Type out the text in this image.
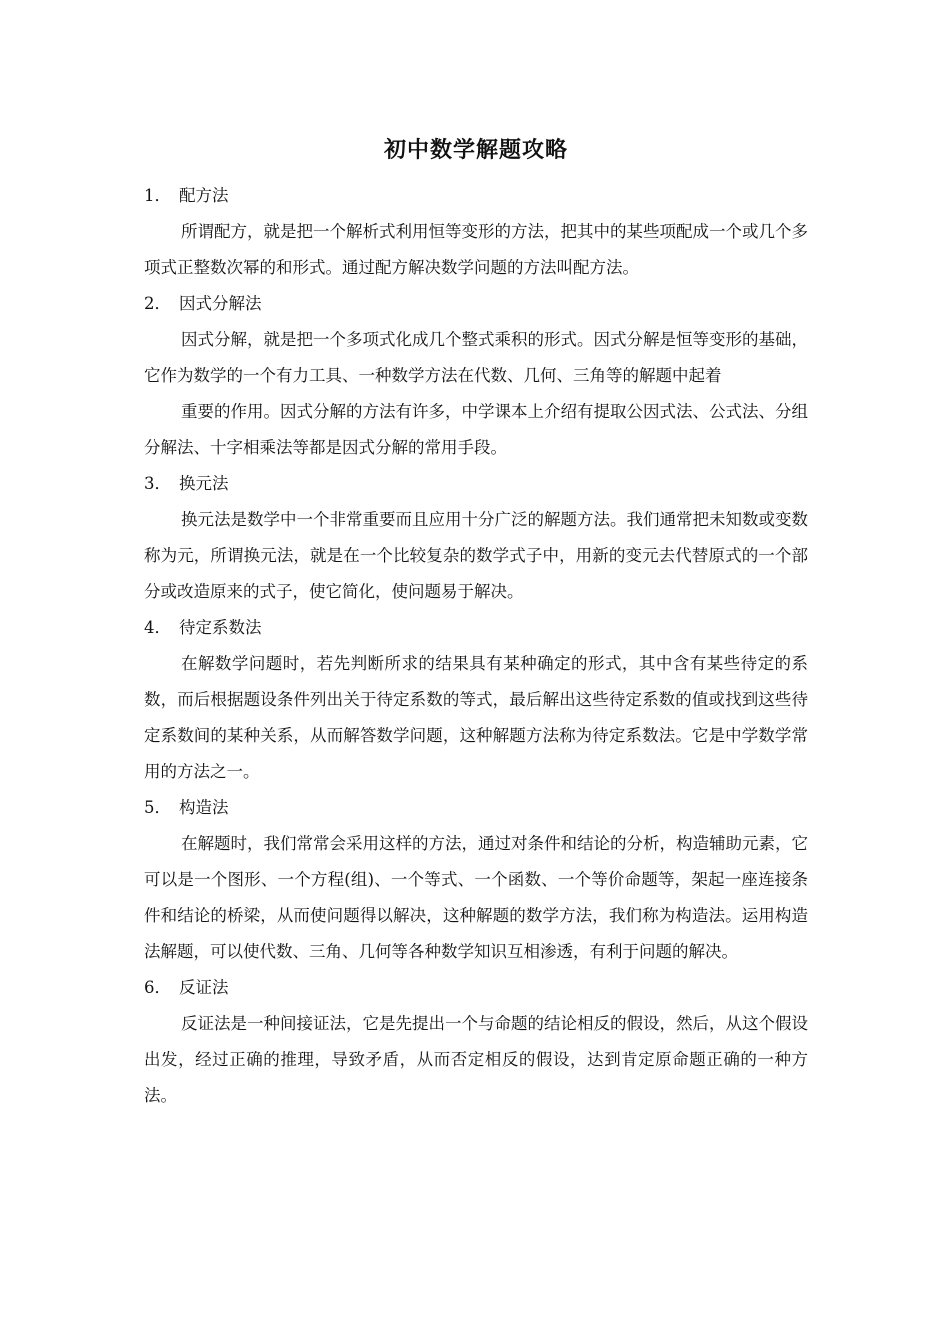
初中数学解题攻略

1． 配方法

所谓配方，就是把一个解析式利用恒等变形的方法，把其中的某些项配成一个或几个多项式正整数次幂的和形式。通过配方解决数学问题的方法叫配方法。

2． 因式分解法

因式分解，就是把一个多项式化成几个整式乘积的形式。因式分解是恒等变形的基础，它作为数学的一个有力工具、一种数学方法在代数、几何、三角等的解题中起着

重要的作用。因式分解的方法有许多，中学课本上介绍有提取公因式法、公式法、分组分解法、十字相乘法等都是因式分解的常用手段。

3． 换元法

换元法是数学中一个非常重要而且应用十分广泛的解题方法。我们通常把未知数或变数称为元，所谓换元法，就是在一个比较复杂的数学式子中，用新的变元去代替原式的一个部分或改造原来的式子，使它简化，使问题易于解决。

4． 待定系数法

在解数学问题时，若先判断所求的结果具有某种确定的形式，其中含有某些待定的系数，而后根据题设条件列出关于待定系数的等式，最后解出这些待定系数的值或找到这些待定系数间的某种关系，从而解答数学问题，这种解题方法称为待定系数法。它是中学数学常用的方法之一。

5． 构造法

在解题时，我们常常会采用这样的方法，通过对条件和结论的分析，构造辅助元素，它可以是一个图形、一个方程(组)、一个等式、一个函数、一个等价命题等，架起一座连接条件和结论的桥梁，从而使问题得以解决，这种解题的数学方法，我们称为构造法。运用构造法解题，可以使代数、三角、几何等各种数学知识互相渗透，有利于问题的解决。

6． 反证法

反证法是一种间接证法，它是先提出一个与命题的结论相反的假设，然后，从这个假设出发，经过正确的推理，导致矛盾，从而否定相反的假设，达到肯定原命题正确的一种方法。
